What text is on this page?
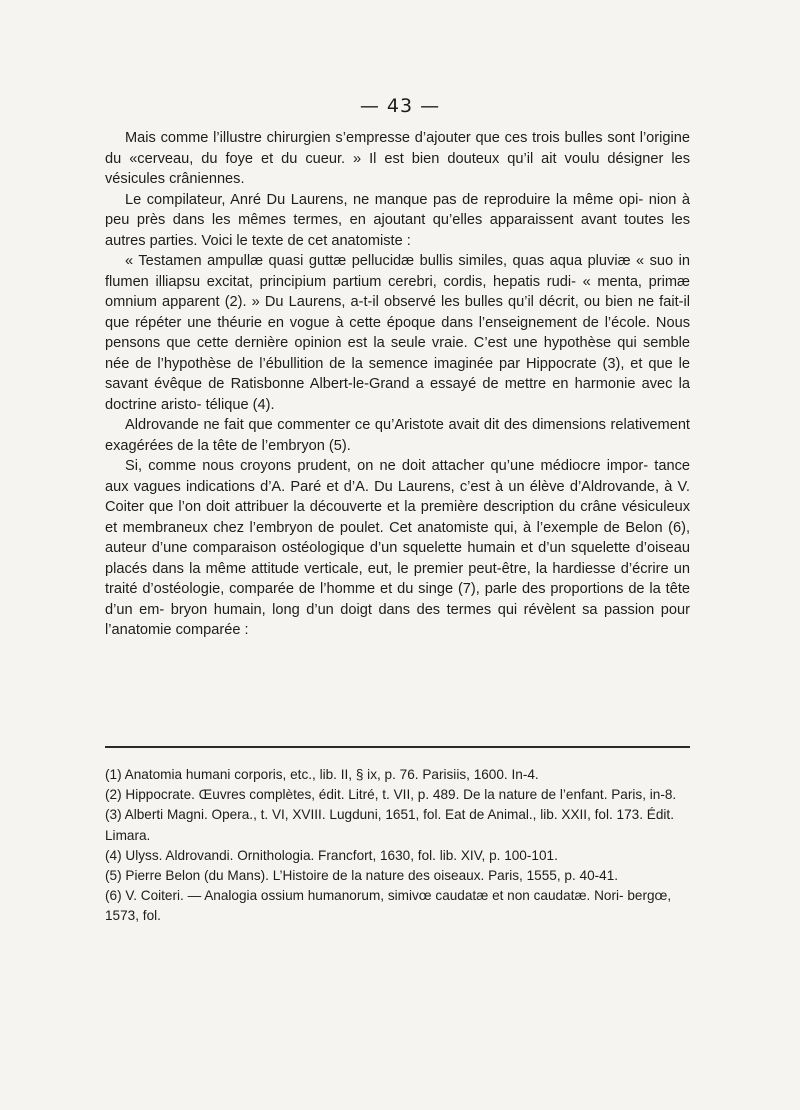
— 43 —

Mais comme l’illustre chirurgien s’empresse d’ajouter que ces trois bulles sont l’origine du «cerveau, du foye et du cueur. » Il est bien douteux qu’il ait voulu désigner les vésicules crâniennes.

Le compilateur, Anré Du Laurens, ne manque pas de reproduire la même opi‑ nion à peu près dans les mêmes termes, en ajoutant qu’elles apparaissent avant toutes les autres parties. Voici le texte de cet anatomiste :

« Testamen ampullæ quasi guttæ pellucidæ bullis similes, quas aqua pluviæ « suo in flumen illiapsu excitat, principium partium cerebri, cordis, hepatis rudi- « menta, primæ omnium apparent (2). » Du Laurens, a-t-il observé les bulles qu’il décrit, ou bien ne fait-il que répéter une théurie en vogue à cette époque dans l’enseignement de l’école. Nous pensons que cette dernière opinion est la seule vraie. C’est une hypothèse qui semble née de l’hypothèse de l’ébullition de la semence imaginée par Hippocrate (3), et que le savant évêque de Ratisbonne Albert-le-Grand a essayé de mettre en harmonie avec la doctrine aristo- télique (4).

Aldrovande ne fait que commenter ce qu’Aristote avait dit des dimensions relativement exagérées de la tête de l’embryon (5).

Si, comme nous croyons prudent, on ne doit attacher qu’une médiocre impor- tance aux vagues indications d’A. Paré et d’A. Du Laurens, c’est à un élève d’Aldrovande, à V. Coiter que l’on doit attribuer la découverte et la première description du crâne vésiculeux et membraneux chez l’embryon de poulet. Cet anatomiste qui, à l’exemple de Belon (6), auteur d’une comparaison ostéologique d’un squelette humain et d’un squelette d’oiseau placés dans la même attitude verticale, eut, le premier peut-être, la hardiesse d’écrire un traité d’ostéologie, comparée de l’homme et du singe (7), parle des proportions de la tête d’un em- bryon humain, long d’un doigt dans des termes qui révèlent sa passion pour l’anatomie comparée :

(1) Anatomia humani corporis, etc., lib. II, § ix, p. 76. Parisiis, 1600. In-4.

(2) Hippocrate. Œuvres complètes, édit. Litré, t. VII, p. 489. De la nature de l’enfant. Paris, in-8.

(3) Alberti Magni. Opera., t. VI, XVIII. Lugduni, 1651, fol. Eat de Animal., lib. XXII, fol. 173. Édit. Limara.

(4) Ulyss. Aldrovandi. Ornithologia. Francfort, 1630, fol. lib. XIV, p. 100-101.

(5) Pierre Belon (du Mans). L’Histoire de la nature des oiseaux. Paris, 1555, p. 40-41.

(6) V. Coiteri. — Analogia ossium humanorum, simivœ caudatæ et non caudatæ. Nori- bergœ, 1573, fol.
